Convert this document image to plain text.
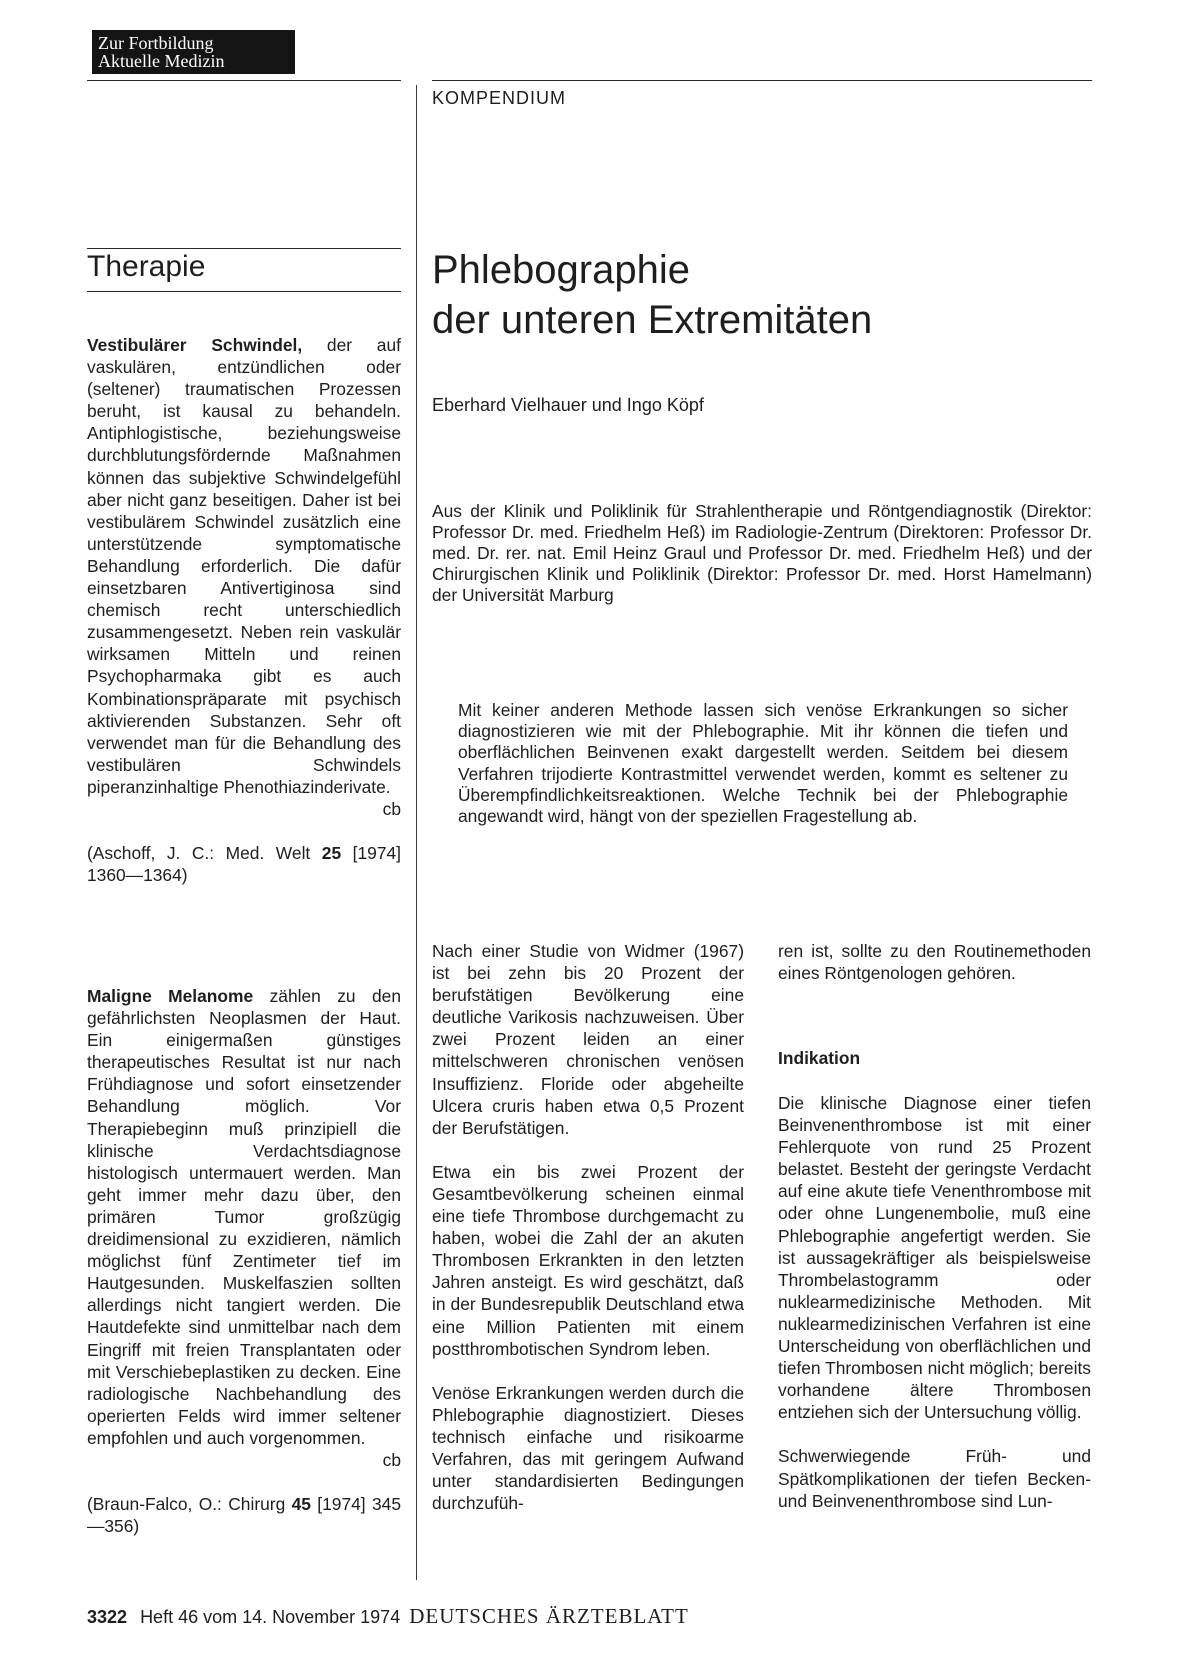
Zur Fortbildung
Aktuelle Medizin
KOMPENDIUM
Therapie

Vestibulärer Schwindel, der auf vaskulären, entzündlichen oder (seltener) traumatischen Prozessen beruht, ist kausal zu behandeln. Antiphlogistische, beziehungsweise durchblutungsfördernde Maßnahmen können das subjektive Schwindelgefühl aber nicht ganz beseitigen. Daher ist bei vestibulärem Schwindel zusätzlich eine unterstützende symptomatische Behandlung erforderlich. Die dafür einsetzbaren Antivertiginosa sind chemisch recht unterschiedlich zusammengesetzt. Neben rein vaskulär wirksamen Mitteln und reinen Psychopharmaka gibt es auch Kombinationspräparate mit psychisch aktivierenden Substanzen. Sehr oft verwendet man für die Behandlung des vestibulären Schwindels piperanzinhaltige Phenothiazinderivate.

cb

(Aschoff, J. C.: Med. Welt 25 [1974] 1360—1364)

Maligne Melanome zählen zu den gefährlichsten Neoplasmen der Haut. Ein einigermaßen günstiges therapeutisches Resultat ist nur nach Frühdiagnose und sofort einsetzender Behandlung möglich. Vor Therapiebeginn muß prinzipiell die klinische Verdachtsdiagnose histologisch untermauert werden. Man geht immer mehr dazu über, den primären Tumor großzügig dreidimensional zu exzidieren, nämlich möglichst fünf Zentimeter tief im Hautgesunden. Muskelfaszien sollten allerdings nicht tangiert werden. Die Hautdefekte sind unmittelbar nach dem Eingriff mit freien Transplantaten oder mit Verschiebeplastiken zu decken. Eine radiologische Nachbehandlung des operierten Felds wird immer seltener empfohlen und auch vorgenommen.

cb

(Braun-Falco, O.: Chirurg 45 [1974] 345—356)

Phlebographie
der unteren Extremitäten
Eberhard Vielhauer und Ingo Köpf
Aus der Klinik und Poliklinik für Strahlentherapie und Röntgendiagnostik (Direktor: Professor Dr. med. Friedhelm Heß) im Radiologie-Zentrum (Direktoren: Professor Dr. med. Dr. rer. nat. Emil Heinz Graul und Professor Dr. med. Friedhelm Heß) und der Chirurgischen Klinik und Poliklinik (Direktor: Professor Dr. med. Horst Hamelmann) der Universität Marburg
Mit keiner anderen Methode lassen sich venöse Erkrankungen so sicher diagnostizieren wie mit der Phlebographie. Mit ihr können die tiefen und oberflächlichen Beinvenen exakt dargestellt werden. Seitdem bei diesem Verfahren trijodierte Kontrastmittel verwendet werden, kommt es seltener zu Überempfindlichkeitsreaktionen. Welche Technik bei der Phlebographie angewandt wird, hängt von der speziellen Fragestellung ab.

Nach einer Studie von Widmer (1967) ist bei zehn bis 20 Prozent der berufstätigen Bevölkerung eine deutliche Varikosis nachzuweisen. Über zwei Prozent leiden an einer mittelschweren chronischen venösen Insuffizienz. Floride oder abgeheilte Ulcera cruris haben etwa 0,5 Prozent der Berufstätigen.

Etwa ein bis zwei Prozent der Gesamtbevölkerung scheinen einmal eine tiefe Thrombose durchgemacht zu haben, wobei die Zahl der an akuten Thrombosen Erkrankten in den letzten Jahren ansteigt. Es wird geschätzt, daß in der Bundesrepublik Deutschland etwa eine Million Patienten mit einem postthrombotischen Syndrom leben.

Venöse Erkrankungen werden durch die Phlebographie diagnostiziert. Dieses technisch einfache und risikoarme Verfahren, das mit geringem Aufwand unter standardisierten Bedingungen durchzufüh-

ren ist, sollte zu den Routinemethoden eines Röntgenologen gehören.

Indikation

Die klinische Diagnose einer tiefen Beinvenenthrombose ist mit einer Fehlerquote von rund 25 Prozent belastet. Besteht der geringste Verdacht auf eine akute tiefe Venenthrombose mit oder ohne Lungenembolie, muß eine Phlebographie angefertigt werden. Sie ist aussagekräftiger als beispielsweise Thrombelastogramm oder nuklearmedizinische Methoden. Mit nuklearmedizinischen Verfahren ist eine Unterscheidung von oberflächlichen und tiefen Thrombosen nicht möglich; bereits vorhandene ältere Thrombosen entziehen sich der Untersuchung völlig.

Schwerwiegende Früh- und Spätkomplikationen der tiefen Becken- und Beinvenenthrombose sind Lun-

3322 Heft 46 vom 14. November 1974 DEUTSCHES ÄRZTEBLATT
